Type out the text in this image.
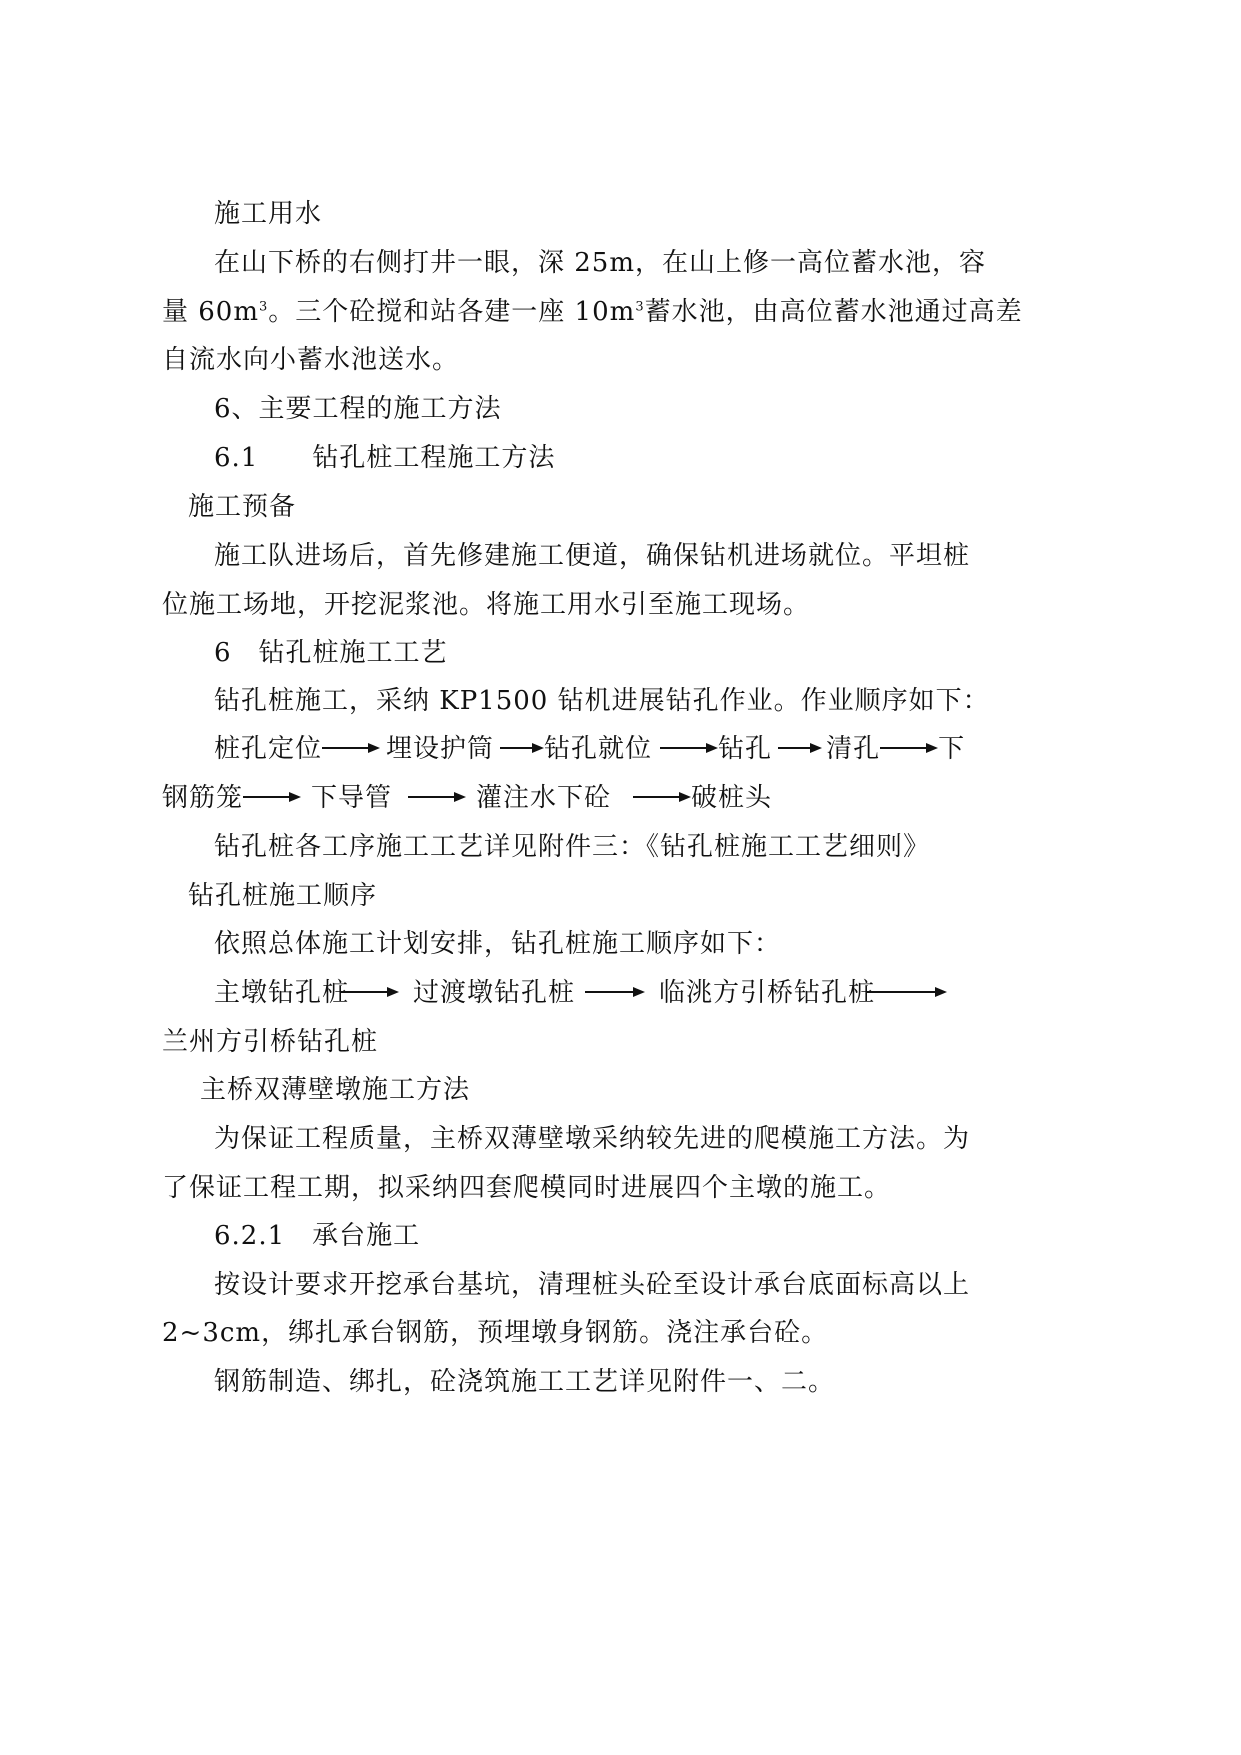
施工用水
在山下桥的右侧打井一眼，深 25m，在山上修一高位蓄水池，容
量 $60m^3$。三个砼搅和站各建一座 $10m^3$蓄水池，由高位蓄水池通过高差
自流水向小蓄水池送水。
6、主要工程的施工方法
6.1　　钻孔桩工程施工方法
施工预备
施工队进场后，首先修建施工便道，确保钻机进场就位。平坦桩
位施工场地，开挖泥浆池。将施工用水引至施工现场。
6　钻孔桩施工工艺
钻孔桩施工，采纳 KP1500 钻机进展钻孔作业。作业顺序如下：
桩孔定位 埋设护筒 钻孔就位	钻孔 清孔 下
钢筋笼	下导管	灌注水下砼	破桩头
钻孔桩各工序施工工艺详见附件三：《钻孔桩施工工艺细则》
钻孔桩施工顺序
依照总体施工计划安排，钻孔桩施工顺序如下：
主墩钻孔桩 过渡墩钻孔桩	临洮方引桥钻孔桩
兰州方引桥钻孔桩
主桥双薄壁墩施工方法
为保证工程质量，主桥双薄壁墩采纳较先进的爬模施工方法。为
了保证工程工期，拟采纳四套爬模同时进展四个主墩的施工。
6.2.1　承台施工
按设计要求开挖承台基坑，清理桩头砼至设计承台底面标高以上
2~3cm，绑扎承台钢筋，预埋墩身钢筋。浇注承台砼。
钢筋制造、绑扎，砼浇筑施工工艺详见附件一、二。
